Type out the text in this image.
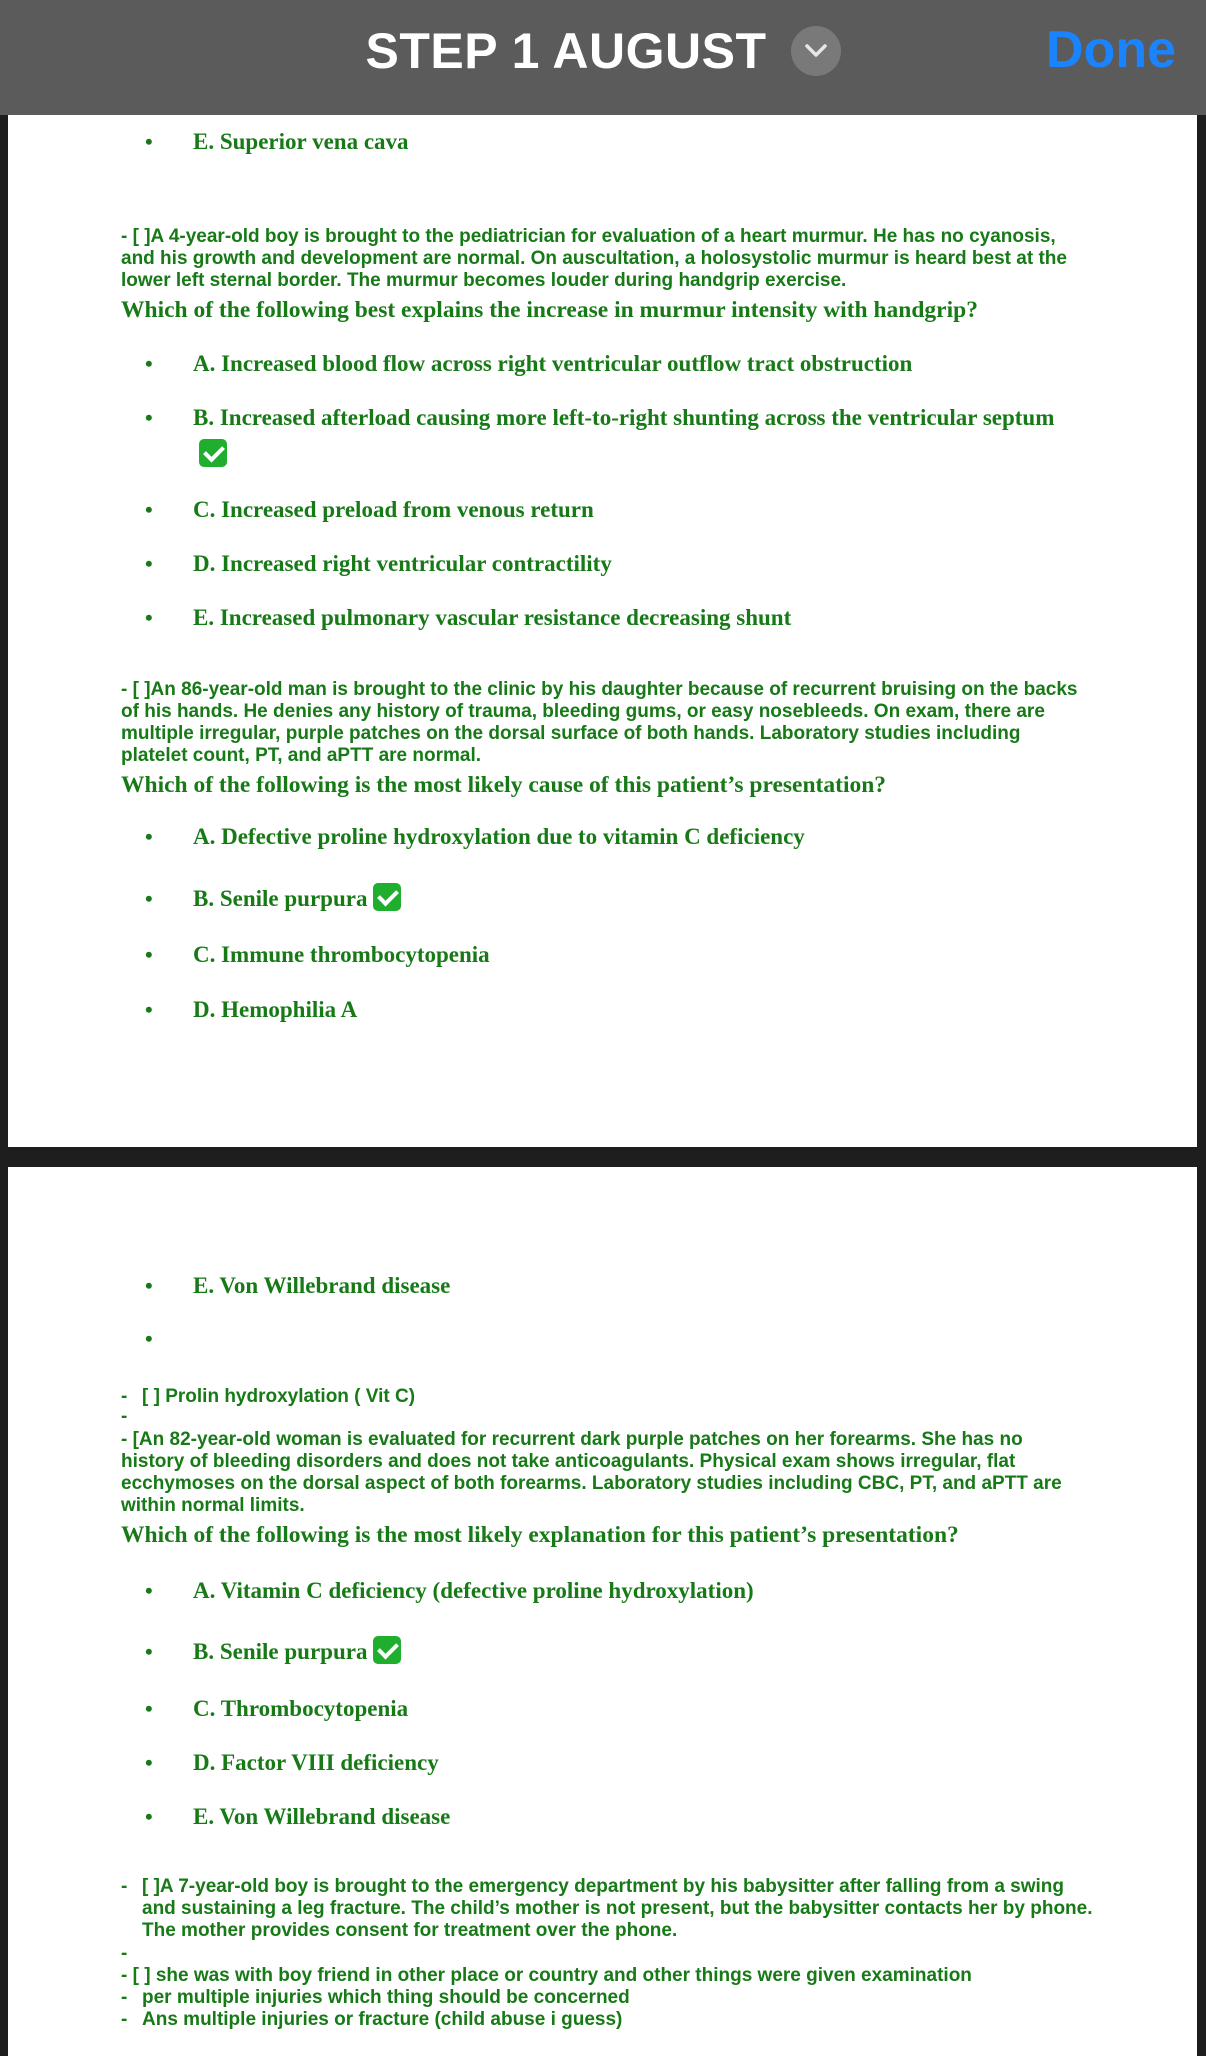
STEP 1 AUGUST	Done
• E. Superior vena cava
- [ ]A 4-year-old boy is brought to the pediatrician for evaluation of a heart murmur. He has no cyanosis, and his growth and development are normal. On auscultation, a holosystolic murmur is heard best at the lower left sternal border. The murmur becomes louder during handgrip exercise.
Which of the following best explains the increase in murmur intensity with handgrip?
• A. Increased blood flow across right ventricular outflow tract obstruction
• B. Increased afterload causing more left-to-right shunting across the ventricular septum
• C. Increased preload from venous return
• D. Increased right ventricular contractility
• E. Increased pulmonary vascular resistance decreasing shunt
- [ ]An 86-year-old man is brought to the clinic by his daughter because of recurrent bruising on the backs of his hands. He denies any history of trauma, bleeding gums, or easy nosebleeds. On exam, there are multiple irregular, purple patches on the dorsal surface of both hands. Laboratory studies including platelet count, PT, and aPTT are normal.
Which of the following is the most likely cause of this patient’s presentation?
• A. Defective proline hydroxylation due to vitamin C deficiency
• B. Senile purpura
• C. Immune thrombocytopenia
• D. Hemophilia A
• E. Von Willebrand disease
•
- [ ] Prolin hydroxylation ( Vit C)
-
- [An 82-year-old woman is evaluated for recurrent dark purple patches on her forearms. She has no history of bleeding disorders and does not take anticoagulants. Physical exam shows irregular, flat ecchymoses on the dorsal aspect of both forearms. Laboratory studies including CBC, PT, and aPTT are within normal limits.
Which of the following is the most likely explanation for this patient’s presentation?
• A. Vitamin C deficiency (defective proline hydroxylation)
• B. Senile purpura
• C. Thrombocytopenia
• D. Factor VIII deficiency
• E. Von Willebrand disease
- [ ]A 7-year-old boy is brought to the emergency department by his babysitter after falling from a swing and sustaining a leg fracture. The child’s mother is not present, but the babysitter contacts her by phone. The mother provides consent for treatment over the phone.
-
- [ ] she was with boy friend in other place or country and other things were given examination
- per multiple injuries which thing should be concerned
- Ans multiple injuries or fracture (child abuse i guess)
